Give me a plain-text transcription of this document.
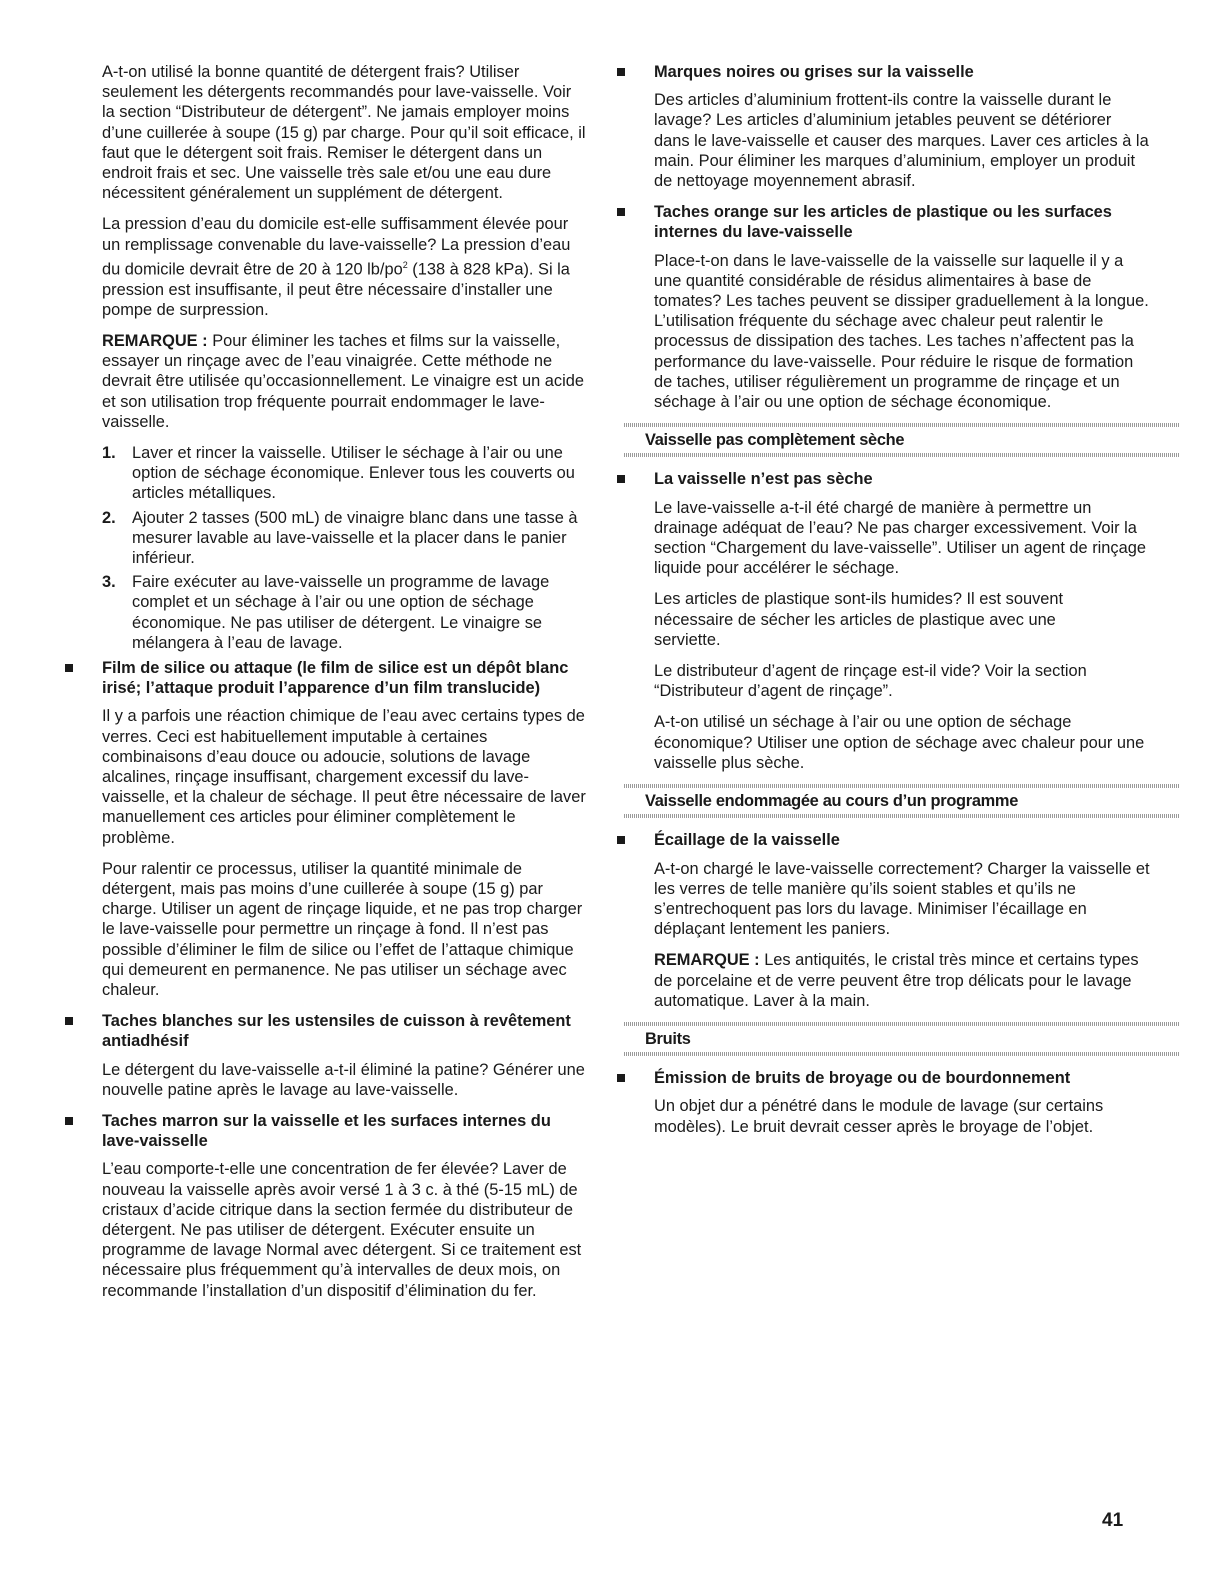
A-t-on utilisé la bonne quantité de détergent frais? Utiliser seulement les détergents recommandés pour lave-vaisselle. Voir la section “Distributeur de détergent”. Ne jamais employer moins d’une cuillerée à soupe (15 g) par charge. Pour qu’il soit efficace, il faut que le détergent soit frais. Remiser le détergent dans un endroit frais et sec. Une vaisselle très sale et/ou une eau dure nécessitent généralement un supplément de détergent.

La pression d’eau du domicile est-elle suffisamment élevée pour un remplissage convenable du lave-vaisselle? La pression d’eau du domicile devrait être de 20 à 120 $lb/po^2$ (138 à 828 kPa). Si la pression est insuffisante, il peut être nécessaire d’installer une pompe de surpression.

REMARQUE : Pour éliminer les taches et films sur la vaisselle, essayer un rinçage avec de l’eau vinaigrée. Cette méthode ne devrait être utilisée qu’occasionnellement. Le vinaigre est un acide et son utilisation trop fréquente pourrait endommager le lave-vaisselle.

1. Laver et rincer la vaisselle. Utiliser le séchage à l’air ou une option de séchage économique. Enlever tous les couverts ou articles métalliques.
2. Ajouter 2 tasses (500 mL) de vinaigre blanc dans une tasse à mesurer lavable au lave-vaisselle et la placer dans le panier inférieur.
3. Faire exécuter au lave-vaisselle un programme de lavage complet et un séchage à l’air ou une option de séchage économique. Ne pas utiliser de détergent. Le vinaigre se mélangera à l’eau de lavage.
Film de silice ou attaque (le film de silice est un dépôt blanc irisé; l’attaque produit l’apparence d’un film translucide)

Il y a parfois une réaction chimique de l’eau avec certains types de verres. Ceci est habituellement imputable à certaines combinaisons d’eau douce ou adoucie, solutions de lavage alcalines, rinçage insuffisant, chargement excessif du lave-vaisselle, et la chaleur de séchage. Il peut être nécessaire de laver manuellement ces articles pour éliminer complètement le problème.

Pour ralentir ce processus, utiliser la quantité minimale de détergent, mais pas moins d’une cuillerée à soupe (15 g) par charge. Utiliser un agent de rinçage liquide, et ne pas trop charger le lave-vaisselle pour permettre un rinçage à fond. Il n’est pas possible d’éliminer le film de silice ou l’effet de l’attaque chimique qui demeurent en permanence. Ne pas utiliser un séchage avec chaleur.

Taches blanches sur les ustensiles de cuisson à revêtement antiadhésif

Le détergent du lave-vaisselle a-t-il éliminé la patine? Générer une nouvelle patine après le lavage au lave-vaisselle.

Taches marron sur la vaisselle et les surfaces internes du lave-vaisselle

L’eau comporte-t-elle une concentration de fer élevée? Laver de nouveau la vaisselle après avoir versé 1 à 3 c. à thé (5-15 mL) de cristaux d’acide citrique dans la section fermée du distributeur de détergent. Ne pas utiliser de détergent. Exécuter ensuite un programme de lavage Normal avec détergent. Si ce traitement est nécessaire plus fréquemment qu’à intervalles de deux mois, on recommande l’installation d’un dispositif d’élimination du fer.

Marques noires ou grises sur la vaisselle

Des articles d’aluminium frottent-ils contre la vaisselle durant le lavage? Les articles d’aluminium jetables peuvent se détériorer dans le lave-vaisselle et causer des marques. Laver ces articles à la main. Pour éliminer les marques d’aluminium, employer un produit de nettoyage moyennement abrasif.

Taches orange sur les articles de plastique ou les surfaces internes du lave-vaisselle

Place-t-on dans le lave-vaisselle de la vaisselle sur laquelle il y a une quantité considérable de résidus alimentaires à base de tomates? Les taches peuvent se dissiper graduellement à la longue. L’utilisation fréquente du séchage avec chaleur peut ralentir le processus de dissipation des taches. Les taches n’affectent pas la performance du lave-vaisselle. Pour réduire le risque de formation de taches, utiliser régulièrement un programme de rinçage et un séchage à l’air ou une option de séchage économique.

Vaisselle pas complètement sèche
La vaisselle n’est pas sèche

Le lave-vaisselle a-t-il été chargé de manière à permettre un drainage adéquat de l’eau? Ne pas charger excessivement. Voir la section “Chargement du lave-vaisselle”. Utiliser un agent de rinçage liquide pour accélérer le séchage.

Les articles de plastique sont-ils humides? Il est souvent nécessaire de sécher les articles de plastique avec une serviette.

Le distributeur d’agent de rinçage est-il vide? Voir la section “Distributeur d’agent de rinçage”.

A-t-on utilisé un séchage à l’air ou une option de séchage économique? Utiliser une option de séchage avec chaleur pour une vaisselle plus sèche.

Vaisselle endommagée au cours d’un programme
Écaillage de la vaisselle

A-t-on chargé le lave-vaisselle correctement? Charger la vaisselle et les verres de telle manière qu’ils soient stables et qu’ils ne s’entrechoquent pas lors du lavage. Minimiser l’écaillage en déplaçant lentement les paniers.

REMARQUE : Les antiquités, le cristal très mince et certains types de porcelaine et de verre peuvent être trop délicats pour le lavage automatique. Laver à la main.

Bruits
Émission de bruits de broyage ou de bourdonnement

Un objet dur a pénétré dans le module de lavage (sur certains modèles). Le bruit devrait cesser après le broyage de l’objet.

41
